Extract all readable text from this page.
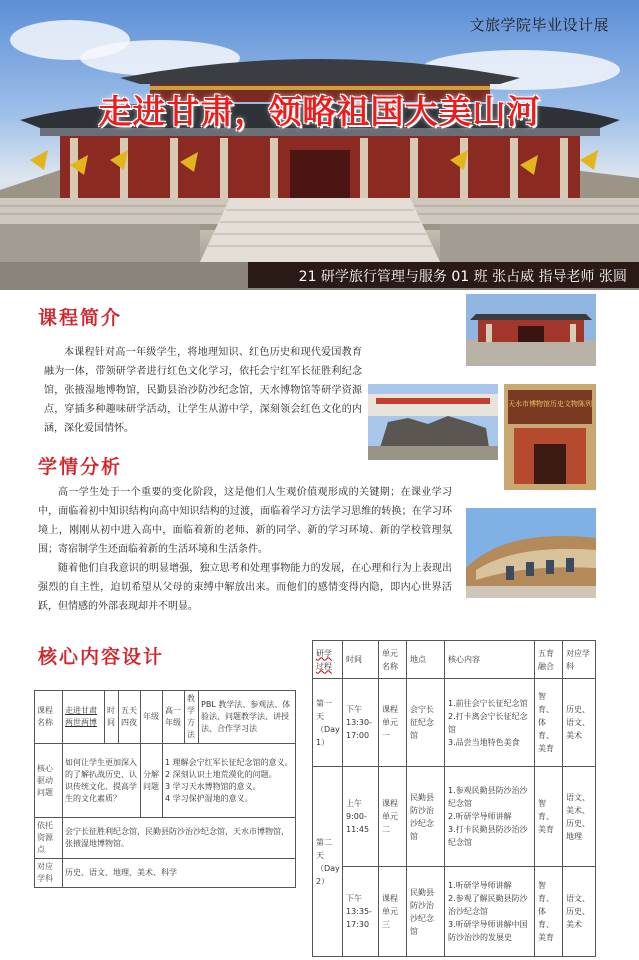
文旅学院毕业设计展
走进甘肃，领略祖国大美山河
21 研学旅行管理与服务 01 班 张占威 指导老师 张圆
课程简介
本课程针对高一年级学生，将地理知识、红色历史和现代爱国教育融为一体，带领研学者进行红色文化学习，依托会宁红军长征胜利纪念馆，张掖湿地博物馆，民勤县治沙防沙纪念馆，天水博物馆等研学资源点，穿插多种趣味研学活动，让学生从游中学，深刻领会红色文化的内涵，深化爱国情怀。
天水市博物馆历史文物陈列
学情分析
高一学生处于一个重要的变化阶段，这是他们人生观价值观形成的关键期；在课业学习中，面临着初中知识结构向高中知识结构的过渡，面临着学习方法学习思维的转换；在学习环境上，刚刚从初中进入高中，面临着新的老师、新的同学、新的学习环境、新的学校管理氛围；寄宿制学生还面临着新的生活环境和生活条件。
随着他们自我意识的明显增强，独立思考和处理事物能力的发展，在心理和行为上表现出强烈的自主性，迫切希望从父母的束缚中解放出来。而他们的感情变得内隐，即内心世界活跃，但情感的外部表现却并不明显。
核心内容设计
课程名称	走进甘肃两世两博	时间	五天四夜	年级	高一年级	教学方法	PBL 教学法、参观法、体验法、问题教学法、讲授法、合作学习法
核心驱动问题	如何让学生更加深入的了解扒战历史、认识传统文化、提高学生的文化素质？			分解问题	1 理解会宁红军长征纪念馆的意义。
2 深刻认识土地荒漠化的问题。
3 学习天水博物馆的意义。
4 学习保护湿地的意义。		

依托资源点	会宁长征胜利纪念馆，民勤县防沙治沙纪念馆，天水市博物馆，张掖湿地博物馆。						
对应学科	历史、语文、地理、美术、科学						
研学过程	时间	单元名称	地点	核心内容	五育融合	对应学科
第一天（Day 1）	下午 13:30-17:00	课程单元一	会宁长征纪念馆	1.前往会宁长征纪念馆
2.打卡离会宁长征纪念馆
3.品尝当地特色美食	智育、体育、美育	历史、语文、美术
第二天（Day 2）	上午 9:00-11:45	课程单元二	民勤县防沙治沙纪念馆	1.参观民勤县防沙治沙纪念馆
2.听研学导师讲解
3.打卡民勤县防沙治沙纪念馆	智育、美育	语文、美术、历史、地理
	下午 13:35-17:30	课程单元三	民勤县防沙治沙纪念馆	1.听研学导师讲解
2.参观了解民勤县防沙治沙纪念馆
3.听研学导师讲解中国防沙治沙的发展史	智育、体育、美育	语文、历史、美术
